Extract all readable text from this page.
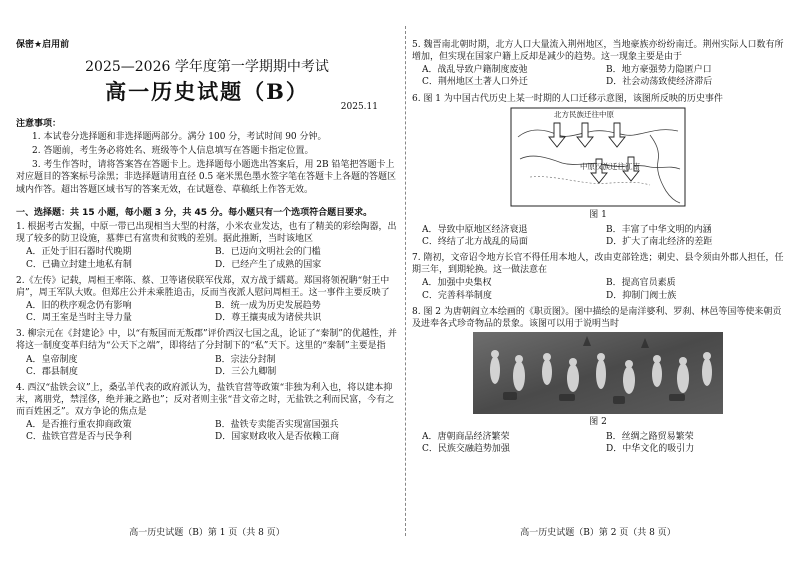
保密★启用前
2025—2026 学年度第一学期期中考试
高一历史试题（B）
2025.11
注意事项：

1. 本试卷分选择题和非选择题两部分。满分 100 分，考试时间 90 分钟。

2. 答题前，考生务必将姓名、班级等个人信息填写在答题卡指定位置。

3. 考生作答时，请将答案答在答题卡上。选择题每小题选出答案后，用 2B 铅笔把答题卡上对应题目的答案标号涂黑；非选择题请用直径 0.5 毫米黑色墨水签字笔在答题卡上各题的答题区域内作答。超出答题区域书写的答案无效，在试题卷、草稿纸上作答无效。

一、选择题：共 15 小题，每小题 3 分，共 45 分。每小题只有一个选项符合题目要求。
1. 根据考古发掘，中原一带已出现相当大型的村落，小米农业发达，也有了精美的彩绘陶器，出现了较多的防卫设施，墓葬已有富贵和贫贱的差别。据此推断，当时该地区
A．正处于旧石器时代晚期	B．已迈向文明社会的门槛
C．已确立封建土地私有制	D．已经产生了成熟的国家
2.《左传》记载，周桓王率陈、蔡、卫等诸侯联军伐郑，双方战于繻葛。郑国将领祝聃“射王中肩”，周王军队大败。但郑庄公并未乘胜追击，反而当夜派人慰问周桓王。这一事件主要反映了
A．旧的秩序观念仍有影响	B．统一成为历史发展趋势
C．周王室是当时主导力量	D．尊王攘夷成为诸侯共识
3. 柳宗元在《封建论》中，以“有叛国而无叛郡”评价西汉七国之乱，论证了“秦制”的优越性，并将这一制度变革归结为“公天下之端”，即将结了分封制下的“私”天下。这里的“秦制”主要是指
A．皇帝制度	B．宗法分封制
C．郡县制度	D．三公九卿制
4. 西汉“盐铁会议”上，桑弘羊代表的政府派认为，盐铁官营等政策“非独为利入也，将以建本抑末，离朋党，禁淫侈，绝并兼之路也”；反对者则主张“昔文帝之时，无盐铁之利而民富，今有之而百姓困乏”。双方争论的焦点是
A．是否推行重农抑商政策	B．盐铁专卖能否实现富国强兵
C．盐铁官营是否与民争利	D．国家财政收入是否依赖工商
高一历史试题（B）第 1 页（共 8 页）
5. 魏晋南北朝时期，北方人口大量流入荆州地区，当地豪族亦纷纷南迁。荆州实际人口数有所增加，但实现在国家户籍上反却是减少的趋势。这一现象主要是由于
A．战乱导致户籍制度废弛	B．地方豪强势力隐匿户口
C．荆州地区土著人口外迁	D．社会动荡致使经济滞后
6. 图 1 为中国古代历史上某一时期的人口迁移示意图，该图所反映的历史事件
北方民族迁往中原
中原汉族迁往江南
图 1
A．导致中原地区经济衰退	B．丰富了中华文明的内涵
C．终结了北方战乱的局面	D．扩大了南北经济的差距
7. 隋初，文帝诏令地方长官不得任用本地人，改由吏部铨选；刺史、县令须由外郡人担任，任期三年，到期轮换。这一做法意在
A．加强中央集权	B．提高官员素质
C．完善科举制度	D．抑制门阀士族
8. 图 2 为唐朝阎立本绘画的《职贡图》。图中描绘的是南洋婆利、罗刹、林邑等国等使来朝贡及进奉各式珍奇物品的景象。该图可以用于说明当时
图 2
A．唐朝商品经济繁荣	B．丝绸之路贸易繁荣
C．民族交融趋势加强	D．中华文化的吸引力
高一历史试题（B）第 2 页（共 8 页）
